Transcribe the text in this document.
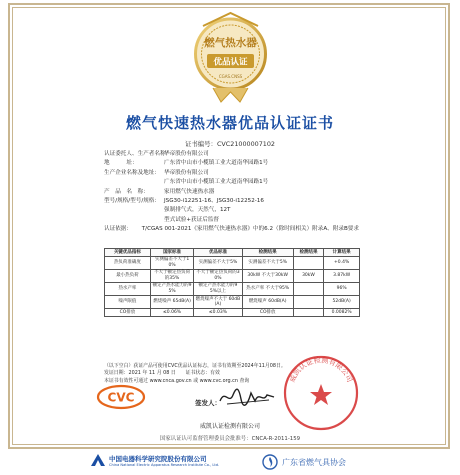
燃气热水器
优品认证
CGAS.CNSS
燃气快速热水器优品认证证书
证书编号：CVC21000007102
认证委托人、生产者名称：
华帝股份有限公司
地　　　址：	广东省中山市小榄镇工业大道南华园路1号
生产企业名称及地址： 华帝股份有限公司
广东省中山市小榄镇工业大道南华园路1号
产　品　名　称：	家用燃气快速热水器
型号/规格/型号/规格： JSG30-i12251-16、JSG30-i12252-16
强制排气式，天然气，12T
型式试验+获证后监督
认证依据：	T/CGAS 001-2021《家用燃气快速热水器》中的6.2（除时间相关）附录A、附录B要求
关键优品指标	国家标准	优品标准	检测结果	检测结果	计算结果
热负荷准确度	实测偏差不大于10%	实测偏差不大于5%	实测偏差不大于5%		+0.4%
最小热负荷	不大于额定热负荷的35%	不大于额定热负荷的30%	30kW 不大于30kW	30kW	3.87kW
热水产率	额定产热水能力的95%	额定产热水能力的95%以上	热水产率 不大于95%		96%
噪声限值	燃烧噪声 65dB(A)	燃烧噪声不大于 60dB(A)	燃烧噪声 60dB(A)		52dB(A)
CO排放	≤0.06%	≤0.03%	CO排放		0.0082%
（以下空白）获证产品可使用CVC优品认证标志，证书有效期至2024年11月08日。
发证日期：2021 年 11 月 08 日　　 证书状态：有效
本证书有效性可通过 www.cnca.gov.cn 或 www.cvc.org.cn 查询
CVC	签发人：
威凯认证检测有限公司
威凯认证检测有限公司
国家认证认可监督管理委员会批准号：CNCA-R-2011-159
中国电器科学研究院股份有限公司
China National Electric Apparatus Research Institute Co., Ltd.	广东省燃气具协会
